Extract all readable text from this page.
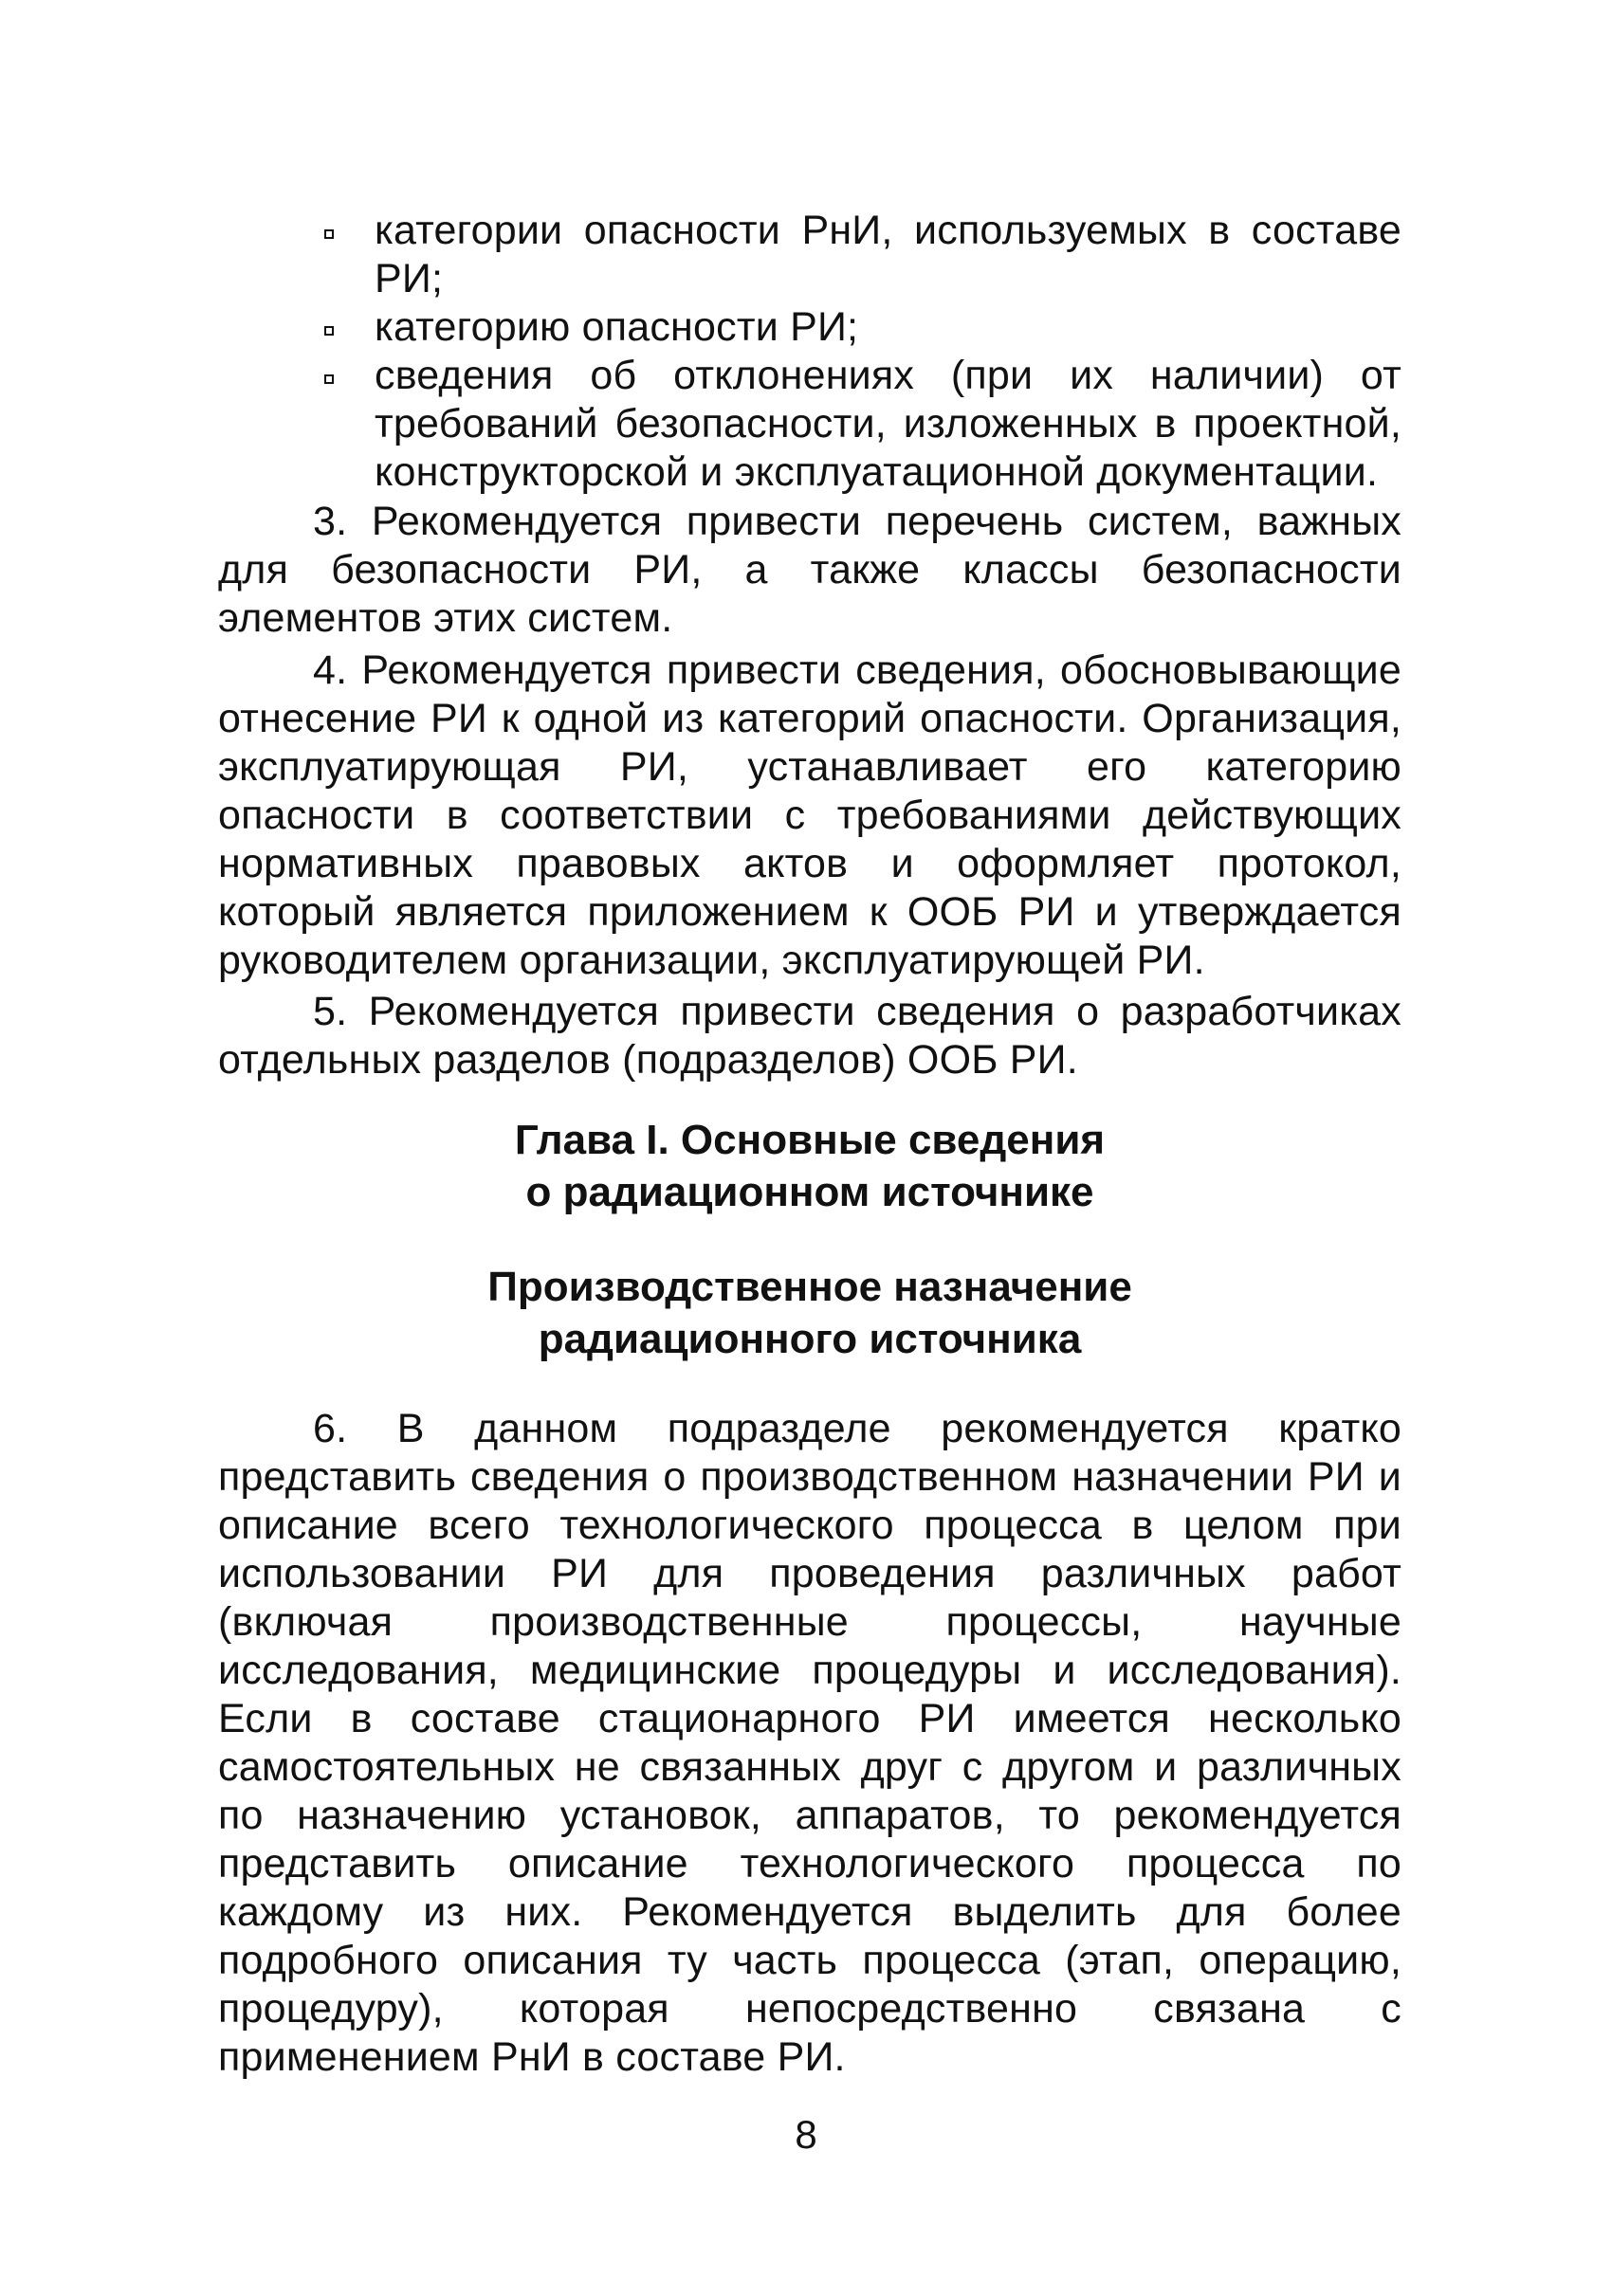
категории опасности РнИ, используемых в составе РИ;
категорию опасности РИ;
сведения об отклонениях (при их наличии) от требований безопасности, изложенных в проектной, конструкторской и эксплуатационной документации.

3. Рекомендуется привести перечень систем, важных для безопасности РИ, а также классы безопасности элементов этих систем.

4. Рекомендуется привести сведения, обосновывающие отнесение РИ к одной из категорий опасности. Организация, эксплуатирующая РИ, устанавливает его категорию опасности в соответствии с требованиями действующих нормативных правовых актов и оформляет протокол, который является приложением к ООБ РИ и утверждается руководителем организации, эксплуатирующей РИ.

5. Рекомендуется привести сведения о разработчиках отдельных разделов (подразделов) ООБ РИ.

Глава I. Основные сведения
о радиационном источнике
Производственное назначение
радиационного источника

6. В данном подразделе рекомендуется кратко представить сведения о производственном назначении РИ и описание всего технологического процесса в целом при использовании РИ для проведения различных работ (включая производственные процессы, научные исследования, медицинские процедуры и исследования). Если в составе стационарного РИ имеется несколько самостоятельных не связанных друг с другом и различных по назначению установок, аппаратов, то рекомендуется представить описание технологического процесса по каждому из них. Рекомендуется выделить для более подробного описания ту часть процесса (этап, операцию, процедуру), которая непосредственно связана с применением РнИ в составе РИ.

8
